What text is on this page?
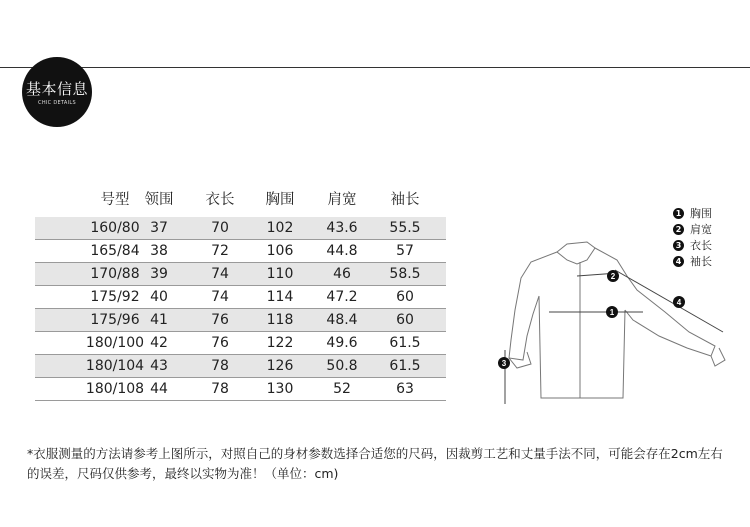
基本信息
CHIC DETAILS
号型	领围	衣长	胸围	肩宽	袖长
160/80 37	70	102	43.6	55.5
165/84 38	72	106	44.8	57
170/88 39	74	110	46	58.5
175/92 40	74	114	47.2	60
175/96 41	76	118	48.4	60
180/100 42	76	122	49.6	61.5
180/104 43	78	126	50.8	61.5
180/108 44	78	130	52	63
1 胸围
2 肩宽
3 衣长
4 袖长
1
2
3
4
*衣服测量的方法请参考上图所示，对照自己的身材参数选择合适您的尺码，因裁剪工艺和丈量手法不同，可能会存在2cm左右的误差，尺码仅供参考，最终以实物为准！（单位：cm)
